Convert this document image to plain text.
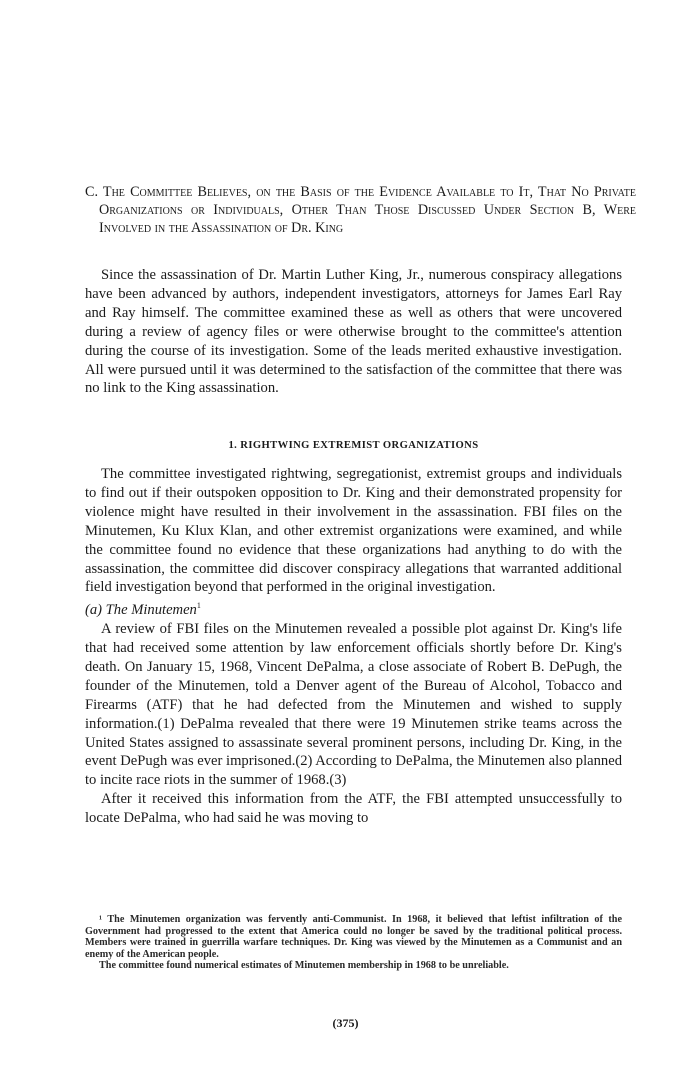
C. The Committee Believes, on the Basis of the Evidence Available to It, That No Private Organizations or Individuals, Other Than Those Discussed Under Section B, Were Involved in the Assassination of Dr. King

Since the assassination of Dr. Martin Luther King, Jr., numerous conspiracy allegations have been advanced by authors, independent investigators, attorneys for James Earl Ray and Ray himself. The committee examined these as well as others that were uncovered during a review of agency files or were otherwise brought to the committee's attention during the course of its investigation. Some of the leads merited exhaustive investigation. All were pursued until it was determined to the satisfaction of the committee that there was no link to the King assassination.

1. RIGHTWING EXTREMIST ORGANIZATIONS

The committee investigated rightwing, segregationist, extremist groups and individuals to find out if their outspoken opposition to Dr. King and their demonstrated propensity for violence might have resulted in their involvement in the assassination. FBI files on the Minutemen, Ku Klux Klan, and other extremist organizations were examined, and while the committee found no evidence that these organizations had anything to do with the assassination, the committee did discover conspiracy allegations that warranted additional field investigation beyond that performed in the original investigation.

(a) The Minutemen$^1$

A review of FBI files on the Minutemen revealed a possible plot against Dr. King's life that had received some attention by law enforcement officials shortly before Dr. King's death. On January 15, 1968, Vincent DePalma, a close associate of Robert B. DePugh, the founder of the Minutemen, told a Denver agent of the Bureau of Alcohol, Tobacco and Firearms (ATF) that he had defected from the Minutemen and wished to supply information.(1) DePalma revealed that there were 19 Minutemen strike teams across the United States assigned to assassinate several prominent persons, including Dr. King, in the event DePugh was ever imprisoned.(2) According to DePalma, the Minutemen also planned to incite race riots in the summer of 1968.(3)

After it received this information from the ATF, the FBI attempted unsuccessfully to locate DePalma, who had said he was moving to

¹ The Minutemen organization was fervently anti-Communist. In 1968, it believed that leftist infiltration of the Government had progressed to the extent that America could no longer be saved by the traditional political process. Members were trained in guerrilla warfare techniques. Dr. King was viewed by the Minutemen as a Communist and an enemy of the American people.

The committee found numerical estimates of Minutemen membership in 1968 to be unreliable.

(375)
